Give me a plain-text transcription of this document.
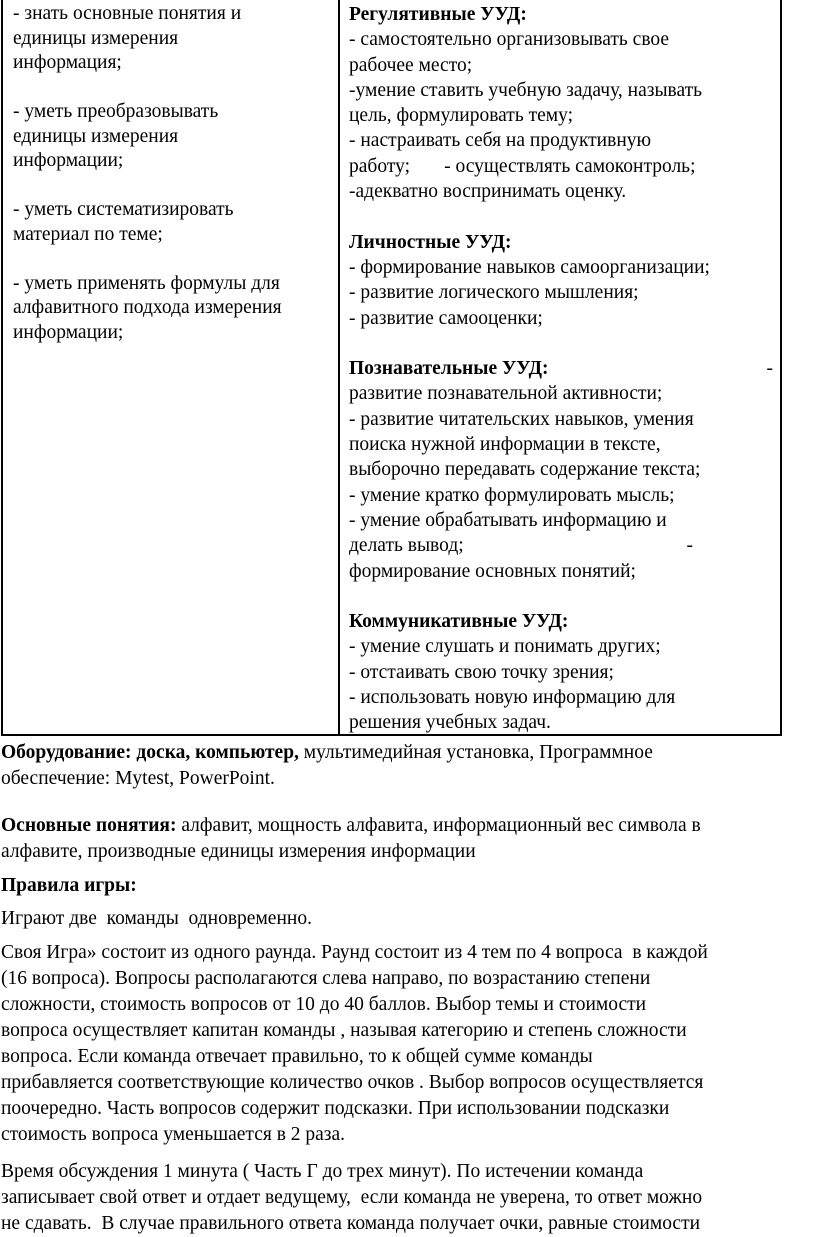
- знать основные понятия и

единицы измерения

информация;

- уметь преобразовывать

единицы измерения

информации;

- уметь систематизировать

материал по теме;

- уметь применять формулы для

алфавитного подхода измерения

информации;

Регулятивные УУД:

- самостоятельно организовывать свое

рабочее место;

-умение ставить учебную задачу, называть

цель, формулировать тему;

- настраивать себя на продуктивную

работу;       - осуществлять самоконтроль;

-адекватно воспринимать оценку.

Личностные УУД:

- формирование навыков самоорганизации;

- развитие логического мышления;

- развитие самооценки;

Познавательные УУД:	-

развитие познавательной активности;

- развитие читательских навыков, умения

поиска нужной информации в тексте,

выборочно передавать содержание текста;

- умение кратко формулировать мысль;

- умение обрабатывать информацию и

делать вывод;	-

формирование основных понятий;

Коммуникативные УУД:

- умение слушать и понимать других;

- отстаивать свою точку зрения;

- использовать новую информацию для

решения учебных задач.

Оборудование: доска, компьютер, мультимедийная установка, Программное

обеспечение: Mytest, PowerPoint.

Основные понятия: алфавит, мощность алфавита, информационный вес символа в

алфавите, производные единицы измерения информации

Правила игры:

Играют две  команды  одновременно.

Своя Игра» состоит из одного раунда. Раунд состоит из 4 тем по 4 вопроса  в каждой

(16 вопроса). Вопросы располагаются слева направо, по возрастанию степени

сложности, стоимость вопросов от 10 до 40 баллов. Выбор темы и стоимости

вопроса осуществляет капитан команды , называя категорию и степень сложности

вопроса. Если команда отвечает правильно, то к общей сумме команды

прибавляется соответствующие количество очков . Выбор вопросов осуществляется

поочередно. Часть вопросов содержит подсказки. При использовании подсказки

стоимость вопроса уменьшается в 2 раза.

Время обсуждения 1 минута ( Часть Г до трех минут). По истечении команда

записывает свой ответ и отдает ведущему,  если команда не уверена, то ответ можно

не сдавать.  В случае правильного ответа команда получает очки, равные стоимости
